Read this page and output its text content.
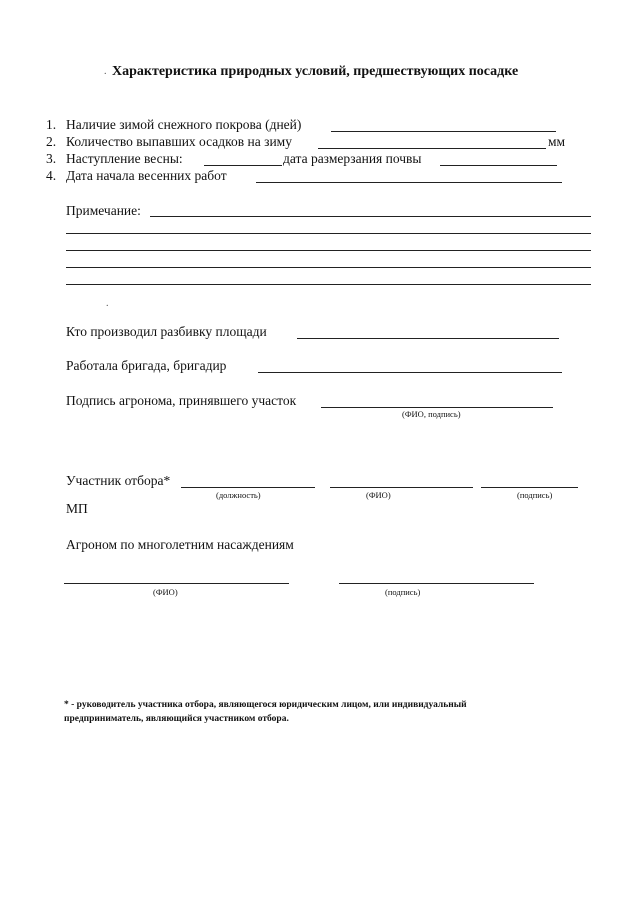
. Характеристика природных условий, предшествующих посадке
1. Наличие зимой снежного покрова (дней)
2. Количество выпавших осадков на зиму	мм
3. Наступление весны:	дата размерзания почвы
4. Дата начала весенних работ
Примечание:
.
Кто производил разбивку площади
Работала бригада, бригадир
Подпись агронома, принявшего участок
(ФИО, подпись)
Участник отбора*
(должность)	(ФИО)	(подпись)
МП
Агроном по многолетним насаждениям
(ФИО)	(подпись)
* - руководитель участника отбора, являющегося юридическим лицом, или индивидуальный предприниматель, являющийся участником отбора.
